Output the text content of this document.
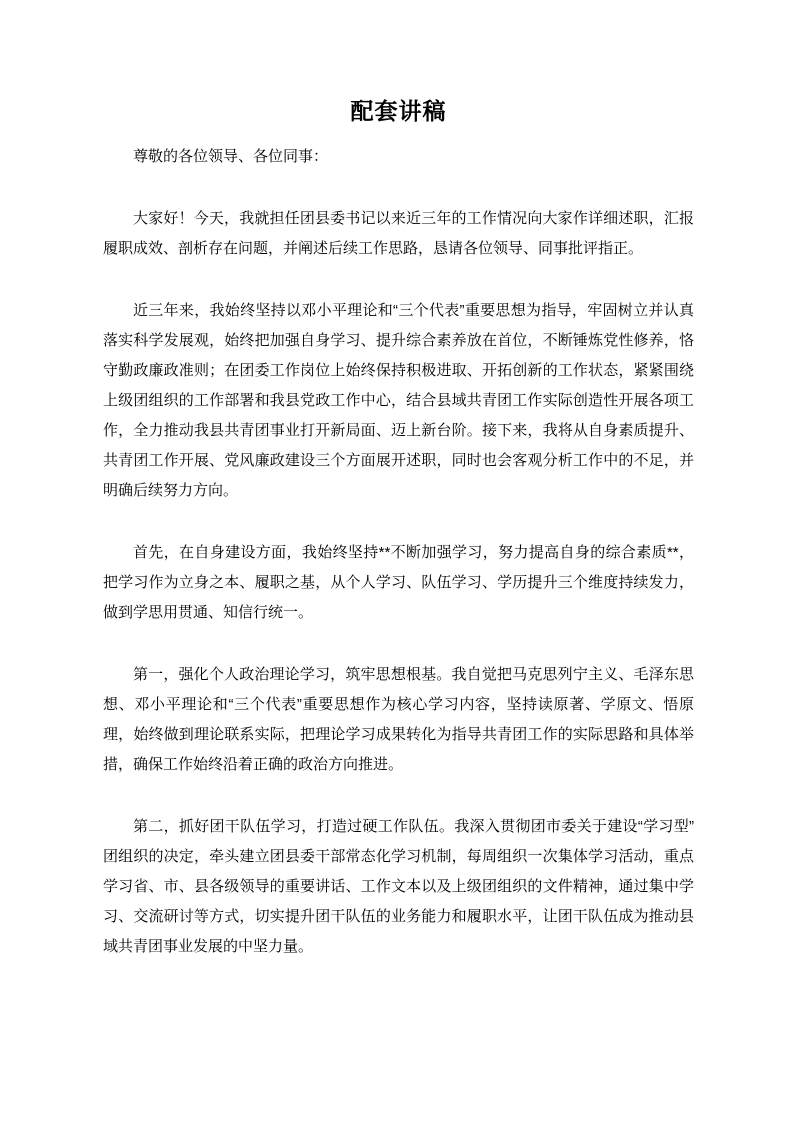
配套讲稿

尊敬的各位领导、各位同事：

大家好！今天，我就担任团县委书记以来近三年的工作情况向大家作详细述职，汇报履职成效、剖析存在问题，并阐述后续工作思路，恳请各位领导、同事批评指正。

近三年来，我始终坚持以邓小平理论和“三个代表”重要思想为指导，牢固树立并认真落实科学发展观，始终把加强自身学习、提升综合素养放在首位，不断锤炼党性修养，恪守勤政廉政准则；在团委工作岗位上始终保持积极进取、开拓创新的工作状态，紧紧围绕上级团组织的工作部署和我县党政工作中心，结合县域共青团工作实际创造性开展各项工作，全力推动我县共青团事业打开新局面、迈上新台阶。接下来，我将从自身素质提升、共青团工作开展、党风廉政建设三个方面展开述职，同时也会客观分析工作中的不足，并明确后续努力方向。

首先，在自身建设方面，我始终坚持**不断加强学习，努力提高自身的综合素质**，把学习作为立身之本、履职之基，从个人学习、队伍学习、学历提升三个维度持续发力，做到学思用贯通、知信行统一。

第一，强化个人政治理论学习，筑牢思想根基。我自觉把马克思列宁主义、毛泽东思想、邓小平理论和“三个代表”重要思想作为核心学习内容，坚持读原著、学原文、悟原理，始终做到理论联系实际，把理论学习成果转化为指导共青团工作的实际思路和具体举措，确保工作始终沿着正确的政治方向推进。

第二，抓好团干队伍学习，打造过硬工作队伍。我深入贯彻团市委关于建设“学习型”团组织的决定，牵头建立团县委干部常态化学习机制，每周组织一次集体学习活动，重点学习省、市、县各级领导的重要讲话、工作文本以及上级团组织的文件精神，通过集中学习、交流研讨等方式，切实提升团干队伍的业务能力和履职水平，让团干队伍成为推动县域共青团事业发展的中坚力量。
